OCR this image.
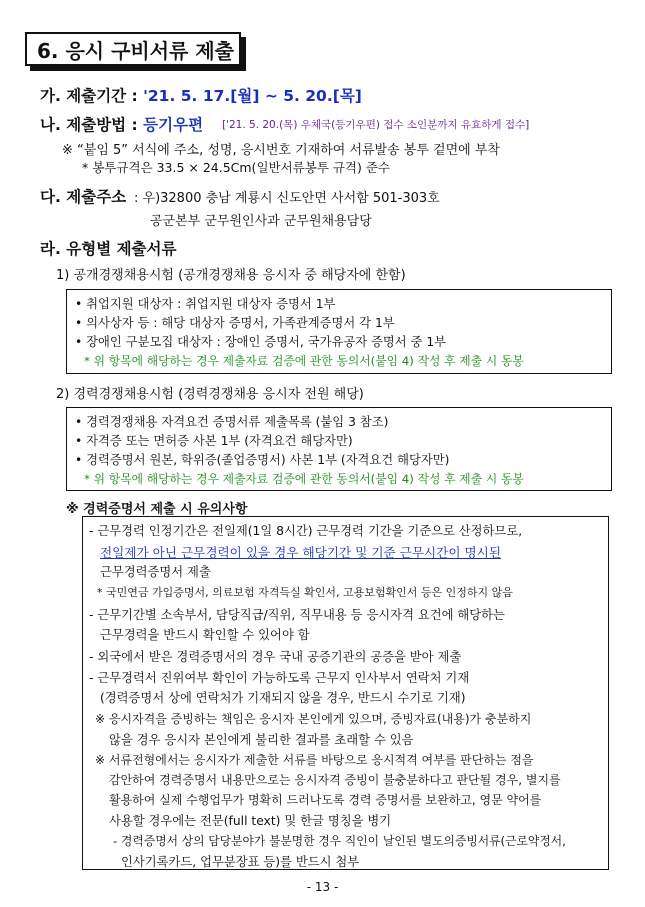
6. 응시 구비서류 제출
가. 제출기간 : '21. 5. 17.[월] ~ 5. 20.[목]
나. 제출방법 : 등기우편 ['21. 5. 20.(목) 우체국(등기우편) 접수 소인분까지 유효하게 접수]
※ “붙임 5” 서식에 주소, 성명, 응시번호 기재하여 서류발송 봉투 겉면에 부착
* 봉투규격은 33.5 × 24.5Cm(일반서류봉투 규격) 준수
다. 제출주소 : 우)32800 충남 계룡시 신도안면 사서함 501-303호
공군본부 군무원인사과 군무원채용담당
라. 유형별 제출서류
1) 공개경쟁채용시험 (공개경쟁채용 응시자 중 해당자에 한함)
• 취업지원 대상자 : 취업지원 대상자 증명서 1부
• 의사상자 등 : 해당 대상자 증명서, 가족관계증명서 각 1부
• 장애인 구분모집 대상자 : 장애인 증명서, 국가유공자 증명서 중 1부
* 위 항목에 해당하는 경우 제출자료 검증에 관한 동의서(붙임 4) 작성 후 제출 시 동봉
2) 경력경쟁채용시험 (경력경쟁채용 응시자 전원 해당)
• 경력경쟁채용 자격요건 증명서류 제출목록 (붙임 3 참조)
• 자격증 또는 면허증 사본 1부 (자격요건 해당자만)
• 경력증명서 원본, 학위증(졸업증명서) 사본 1부 (자격요건 해당자만)
* 위 항목에 해당하는 경우 제출자료 검증에 관한 동의서(붙임 4) 작성 후 제출 시 동봉
※ 경력증명서 제출 시 유의사항
- 근무경력 인정기간은 전일제(1일 8시간) 근무경력 기간을 기준으로 산정하므로,
전일제가 아닌 근무경력이 있을 경우 해당기간 및 기준 근무시간이 명시된
근무경력증명서 제출
* 국민연금 가입증명서, 의료보험 자격득실 확인서, 고용보험확인서 등은 인정하지 않음
- 근무기간별 소속부서, 담당직급/직위, 직무내용 등 응시자격 요건에 해당하는
근무경력을 반드시 확인할 수 있어야 함
- 외국에서 받은 경력증명서의 경우 국내 공증기관의 공증을 받아 제출
- 근무경력서 진위여부 확인이 가능하도록 근무지 인사부서 연락처 기재
(경력증명서 상에 연락처가 기재되지 않을 경우, 반드시 수기로 기재)
※ 응시자격을 증빙하는 책임은 응시자 본인에게 있으며, 증빙자료(내용)가 충분하지
않을 경우 응시자 본인에게 불리한 결과를 초래할 수 있음
※ 서류전형에서는 응시자가 제출한 서류를 바탕으로 응시적격 여부를 판단하는 점을
감안하여 경력증명서 내용만으로는 응시자격 증빙이 불충분하다고 판단될 경우, 별지를
활용하여 실제 수행업무가 명확히 드러나도록 경력 증명서를 보완하고, 영문 약어를
사용할 경우에는 전문(full text) 및 한글 명칭을 병기
- 경력증명서 상의 담당분야가 불분명한 경우 직인이 날인된 별도의증빙서류(근로약정서,
인사기록카드, 업무분장표 등)를 반드시 첨부
- 13 -
